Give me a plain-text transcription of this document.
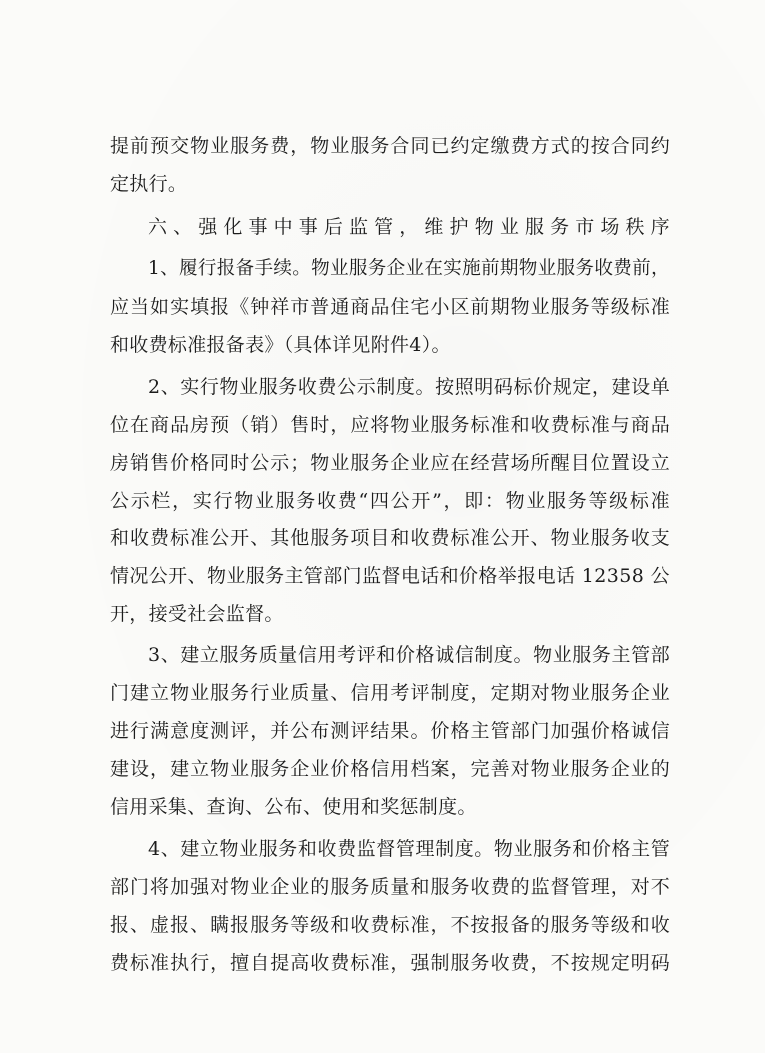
提前预交物业服务费，物业服务合同已约定缴费方式的按合同约
定执行。
六、强化事中事后监管，维护物业服务市场秩序
1、履行报备手续。物业服务企业在实施前期物业服务收费前，
应当如实填报《钟祥市普通商品住宅小区前期物业服务等级标准
和收费标准报备表》（具体详见附件4）。
2、实行物业服务收费公示制度。按照明码标价规定，建设单
位在商品房预（销）售时，应将物业服务标准和收费标准与商品
房销售价格同时公示；物业服务企业应在经营场所醒目位置设立
公示栏，实行物业服务收费“四公开”，即：物业服务等级标准
和收费标准公开、其他服务项目和收费标准公开、物业服务收支
情况公开、物业服务主管部门监督电话和价格举报电话 12358 公
开，接受社会监督。
3、建立服务质量信用考评和价格诚信制度。物业服务主管部
门建立物业服务行业质量、信用考评制度，定期对物业服务企业
进行满意度测评，并公布测评结果。价格主管部门加强价格诚信
建设，建立物业服务企业价格信用档案，完善对物业服务企业的
信用采集、查询、公布、使用和奖惩制度。
4、建立物业服务和收费监督管理制度。物业服务和价格主管
部门将加强对物业企业的服务质量和服务收费的监督管理，对不
报、虚报、瞒报服务等级和收费标准，不按报备的服务等级和收
费标准执行，擅自提高收费标准，强制服务收费，不按规定明码
